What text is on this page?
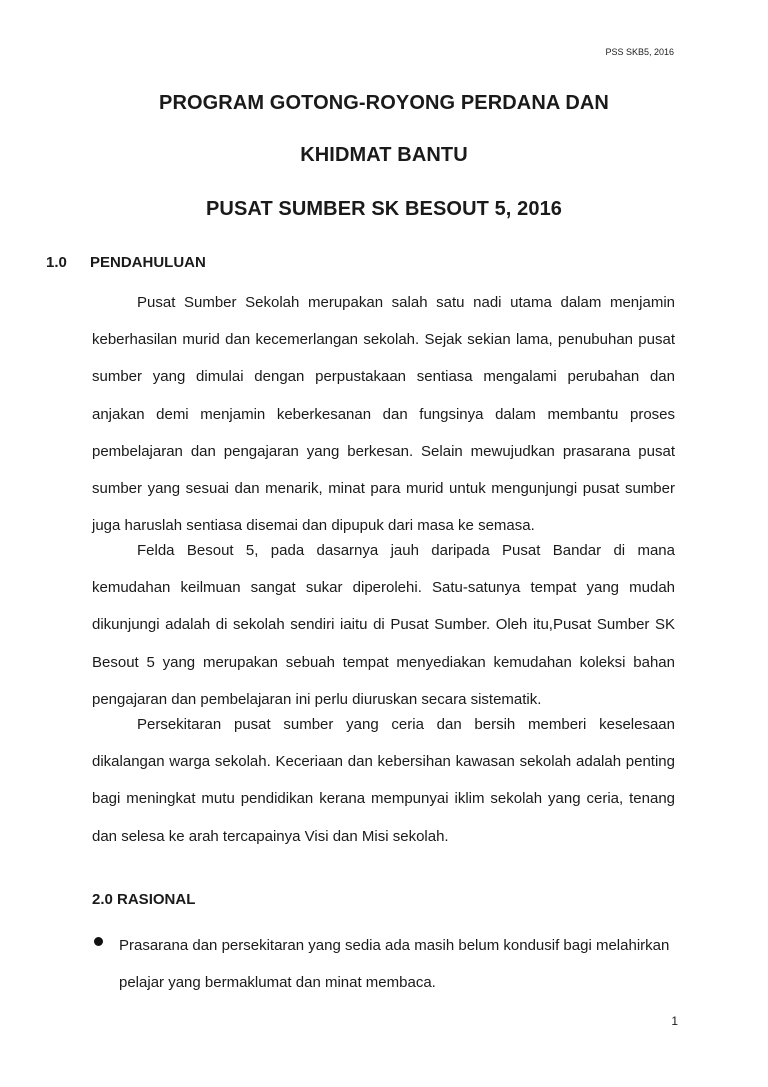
PSS SKB5, 2016
PROGRAM GOTONG-ROYONG PERDANA DAN
KHIDMAT BANTU
PUSAT SUMBER SK BESOUT 5, 2016
1.0 PENDAHULUAN

Pusat Sumber Sekolah merupakan salah satu nadi utama dalam menjamin keberhasilan murid dan kecemerlangan sekolah. Sejak sekian lama, penubuhan pusat sumber yang dimulai dengan perpustakaan sentiasa mengalami perubahan dan anjakan demi menjamin keberkesanan dan fungsinya dalam membantu proses pembelajaran dan pengajaran yang berkesan. Selain mewujudkan prasarana pusat sumber yang sesuai dan menarik, minat para murid untuk mengunjungi pusat sumber juga haruslah sentiasa disemai dan dipupuk dari masa ke semasa.

Felda Besout 5, pada dasarnya jauh daripada Pusat Bandar di mana kemudahan keilmuan sangat sukar diperolehi. Satu-satunya tempat yang mudah dikunjungi adalah di sekolah sendiri iaitu di Pusat Sumber. Oleh itu,Pusat Sumber SK Besout 5 yang merupakan sebuah tempat menyediakan kemudahan koleksi bahan pengajaran dan pembelajaran ini perlu diuruskan secara sistematik.

Persekitaran pusat sumber yang ceria dan bersih memberi keselesaan dikalangan warga sekolah. Keceriaan dan kebersihan kawasan sekolah adalah penting bagi meningkat mutu pendidikan kerana mempunyai iklim sekolah yang ceria, tenang dan selesa ke arah tercapainya Visi dan Misi sekolah.

2.0 RASIONAL
Prasarana dan persekitaran yang sedia ada masih belum kondusif bagi melahirkan pelajar yang bermaklumat dan minat membaca.
1
